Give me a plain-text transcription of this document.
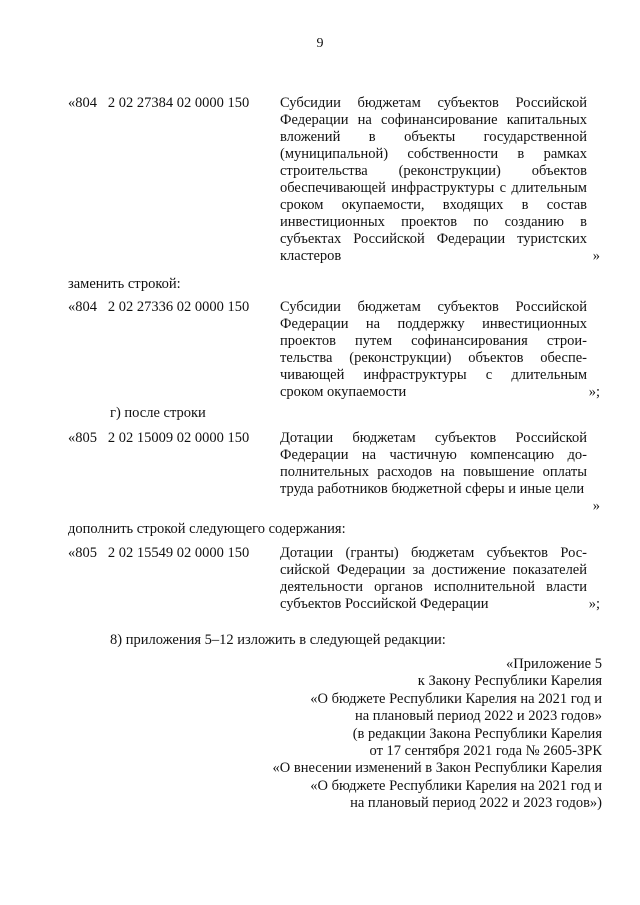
9
«804 2 02 27384 02 0000 150 Субсидии бюджетам субъектов Российской Федерации на софинансирование капитальных вложений в объекты государственной (муниципальной) собственности в рамках строительства (реконструкции) объектов обеспечивающей инфраструктуры с длительным сроком окупаемости, входящих в состав инвестиционных проектов по созданию в субъектах Российской Федерации туристских кластеров	»
заменить строкой:
«804 2 02 27336 02 0000 150 Субсидии бюджетам субъектов Российской Федерации на поддержку инвестиционных проектов путем софинансирования строительства (реконструкции) объектов обеспечивающей инфраструктуры с длительным сроком окупаемости	»;
г) после строки
«805 2 02 15009 02 0000 150 Дотации бюджетам субъектов Российской Федерации на частичную компенсацию дополнительных расходов на повышение оплаты труда работников бюджетной сферы и иные цели
»
дополнить строкой следующего содержания:
«805 2 02 15549 02 0000 150 Дотации (гранты) бюджетам субъектов Российской Федерации за достижение показателей деятельности органов исполнительной власти субъектов Российской Федерации	»;
8) приложения 5–12 изложить в следующей редакции:
«Приложение 5
к Закону Республики Карелия
«О бюджете Республики Карелия на 2021 год и
на плановый период 2022 и 2023 годов»
(в редакции Закона Республики Карелия
от 17 сентября 2021 года № 2605-ЗРК
«О внесении изменений в Закон Республики Карелия
«О бюджете Республики Карелия на 2021 год и
на плановый период 2022 и 2023 годов»)
